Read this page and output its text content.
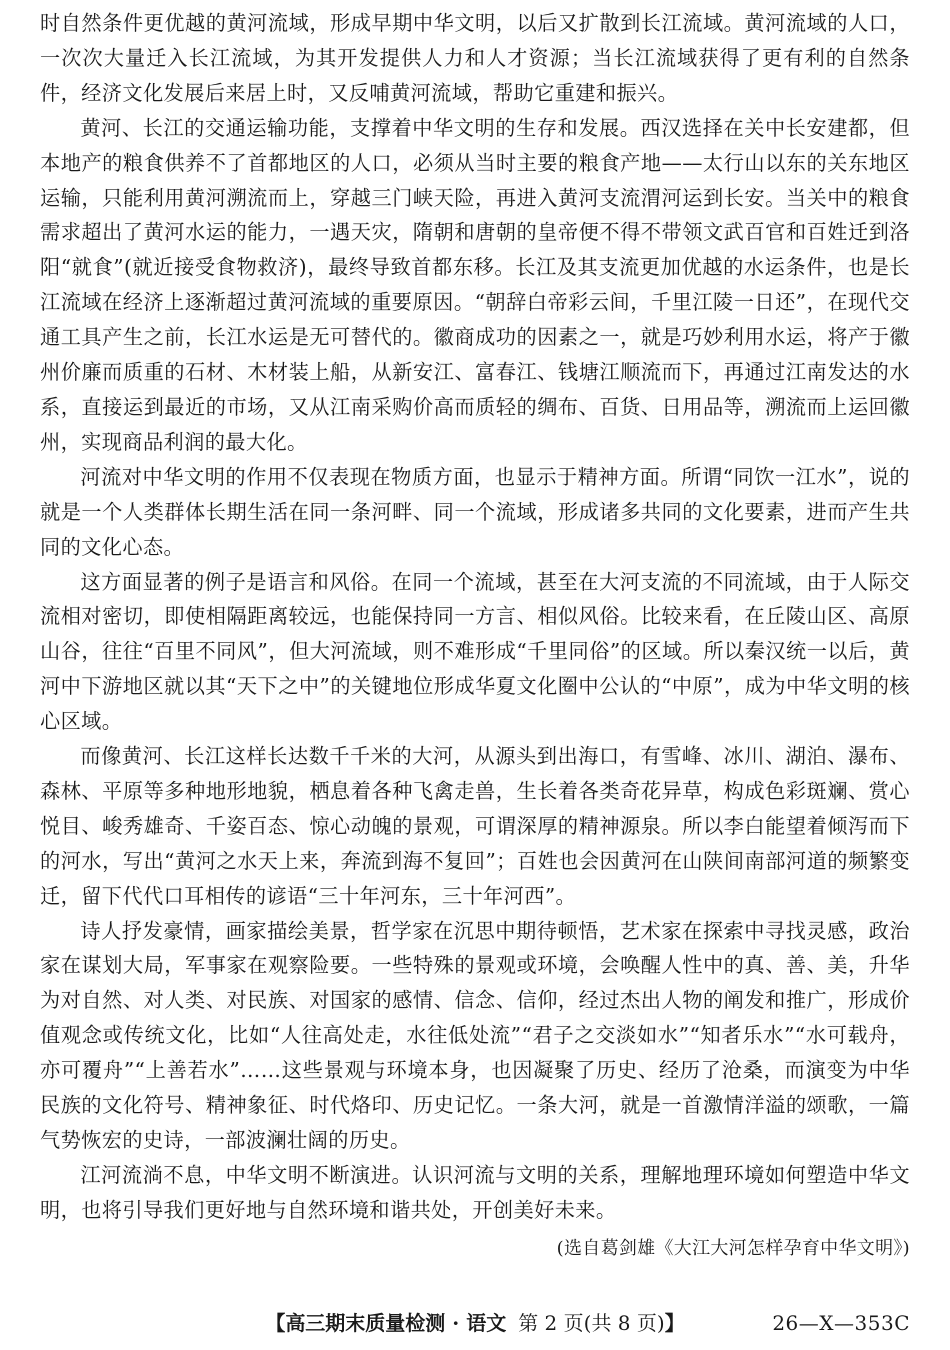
时自然条件更优越的黄河流域，形成早期中华文明，以后又扩散到长江流域。黄河流域的人口，一次次大量迁入长江流域，为其开发提供人力和人才资源；当长江流域获得了更有利的自然条件，经济文化发展后来居上时，又反哺黄河流域，帮助它重建和振兴。

黄河、长江的交通运输功能，支撑着中华文明的生存和发展。西汉选择在关中长安建都，但本地产的粮食供养不了首都地区的人口，必须从当时主要的粮食产地——太行山以东的关东地区运输，只能利用黄河溯流而上，穿越三门峡天险，再进入黄河支流渭河运到长安。当关中的粮食需求超出了黄河水运的能力，一遇天灾，隋朝和唐朝的皇帝便不得不带领文武百官和百姓迁到洛阳“就食”(就近接受食物救济)，最终导致首都东移。长江及其支流更加优越的水运条件，也是长江流域在经济上逐渐超过黄河流域的重要原因。“朝辞白帝彩云间，千里江陵一日还”，在现代交通工具产生之前，长江水运是无可替代的。徽商成功的因素之一，就是巧妙利用水运，将产于徽州价廉而质重的石材、木材装上船，从新安江、富春江、钱塘江顺流而下，再通过江南发达的水系，直接运到最近的市场，又从江南采购价高而质轻的绸布、百货、日用品等，溯流而上运回徽州，实现商品利润的最大化。

河流对中华文明的作用不仅表现在物质方面，也显示于精神方面。所谓“同饮一江水”，说的就是一个人类群体长期生活在同一条河畔、同一个流域，形成诸多共同的文化要素，进而产生共同的文化心态。

这方面显著的例子是语言和风俗。在同一个流域，甚至在大河支流的不同流域，由于人际交流相对密切，即使相隔距离较远，也能保持同一方言、相似风俗。比较来看，在丘陵山区、高原山谷，往往“百里不同风”，但大河流域，则不难形成“千里同俗”的区域。所以秦汉统一以后，黄河中下游地区就以其“天下之中”的关键地位形成华夏文化圈中公认的“中原”，成为中华文明的核心区域。

而像黄河、长江这样长达数千千米的大河，从源头到出海口，有雪峰、冰川、湖泊、瀑布、森林、平原等多种地形地貌，栖息着各种飞禽走兽，生长着各类奇花异草，构成色彩斑斓、赏心悦目、峻秀雄奇、千姿百态、惊心动魄的景观，可谓深厚的精神源泉。所以李白能望着倾泻而下的河水，写出“黄河之水天上来，奔流到海不复回”；百姓也会因黄河在山陕间南部河道的频繁变迁，留下代代口耳相传的谚语“三十年河东，三十年河西”。

诗人抒发豪情，画家描绘美景，哲学家在沉思中期待顿悟，艺术家在探索中寻找灵感，政治家在谋划大局，军事家在观察险要。一些特殊的景观或环境，会唤醒人性中的真、善、美，升华为对自然、对人类、对民族、对国家的感情、信念、信仰，经过杰出人物的阐发和推广，形成价值观念或传统文化，比如“人往高处走，水往低处流”“君子之交淡如水”“知者乐水”“水可载舟，亦可覆舟”“上善若水”……这些景观与环境本身，也因凝聚了历史、经历了沧桑，而演变为中华民族的文化符号、精神象征、时代烙印、历史记忆。一条大河，就是一首激情洋溢的颂歌，一篇气势恢宏的史诗，一部波澜壮阔的历史。

江河流淌不息，中华文明不断演进。认识河流与文明的关系，理解地理环境如何塑造中华文明，也将引导我们更好地与自然环境和谐共处，开创美好未来。

(选自葛剑雄《大江大河怎样孕育中华文明》)

【高三期末质量检测 · 语文 第 2 页(共 8 页)】	26—X—353C
